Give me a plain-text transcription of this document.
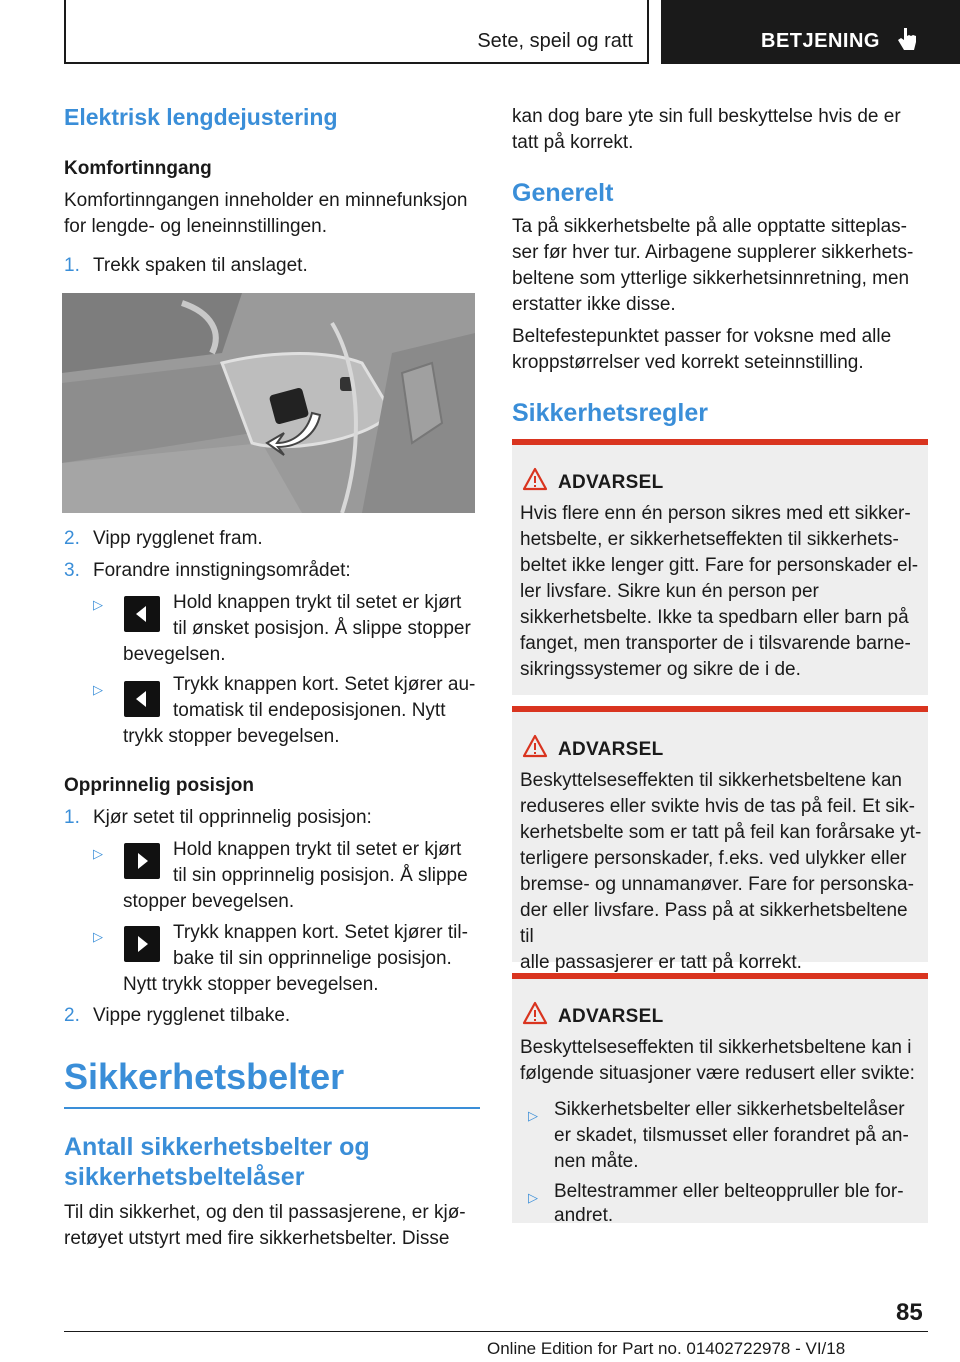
Sete, speil og ratt	BETJENING
Elektrisk lengdejustering
Komfortinngang
Komfortinngangen inneholder en minnefunksjon
for lengde- og leneinnstillingen.
1. Trekk spaken til anslaget.
2. Vipp rygglenet fram.
3. Forandre innstigningsområdet:
▷	Hold knappen trykt til setet er kjørt
til ønsket posisjon. Å slippe stopper
bevegelsen.
▷	Trykk knappen kort. Setet kjører au-
tomatisk til endeposisjonen. Nytt
trykk stopper bevegelsen.
Opprinnelig posisjon
1. Kjør setet til opprinnelig posisjon:
▷	Hold knappen trykt til setet er kjørt
til sin opprinnelig posisjon. Å slippe
stopper bevegelsen.
▷	Trykk knappen kort. Setet kjører til-
bake til sin opprinnelige posisjon.
Nytt trykk stopper bevegelsen.
2. Vippe rygglenet tilbake.
Sikkerhetsbelter
Antall sikkerhetsbelter og
sikkerhetsbeltelåser
Til din sikkerhet, og den til passasjerene, er kjø-
retøyet utstyrt med fire sikkerhetsbelter. Disse
kan dog bare yte sin full beskyttelse hvis de er
tatt på korrekt.
Generelt
Ta på sikkerhetsbelte på alle opptatte sitteplas-
ser før hver tur. Airbagene supplerer sikkerhets-
beltene som ytterlige sikkerhetsinnretning, men
erstatter ikke disse.
Beltefestepunktet passer for voksne med alle
kroppstørrelser ved korrekt seteinnstilling.
Sikkerhetsregler
ADVARSEL
Hvis flere enn én person sikres med ett sikker-
hetsbelte, er sikkerhetseffekten til sikkerhets-
beltet ikke lenger gitt. Fare for personskader el-
ler livsfare. Sikre kun én person per
sikkerhetsbelte. Ikke ta spedbarn eller barn på
fanget, men transporter de i tilsvarende barne-
sikringssystemer og sikre de i de.
ADVARSEL
Beskyttelseseffekten til sikkerhetsbeltene kan
reduseres eller svikte hvis de tas på feil. Et sik-
kerhetsbelte som er tatt på feil kan forårsake yt-
terligere personskader, f.eks. ved ulykker eller
bremse- og unnamanøver. Fare for personska-
der eller livsfare. Pass på at sikkerhetsbeltene til
alle passasjerer er tatt på korrekt.
ADVARSEL
Beskyttelseseffekten til sikkerhetsbeltene kan i
følgende situasjoner være redusert eller svikte:
▷ Sikkerhetsbelter eller sikkerhetsbeltelåser
er skadet, tilsmusset eller forandret på an-
nen måte.
▷ Beltestrammer eller belteoppruller ble for-
andret.
85
Online Edition for Part no. 01402722978 - VI/18
